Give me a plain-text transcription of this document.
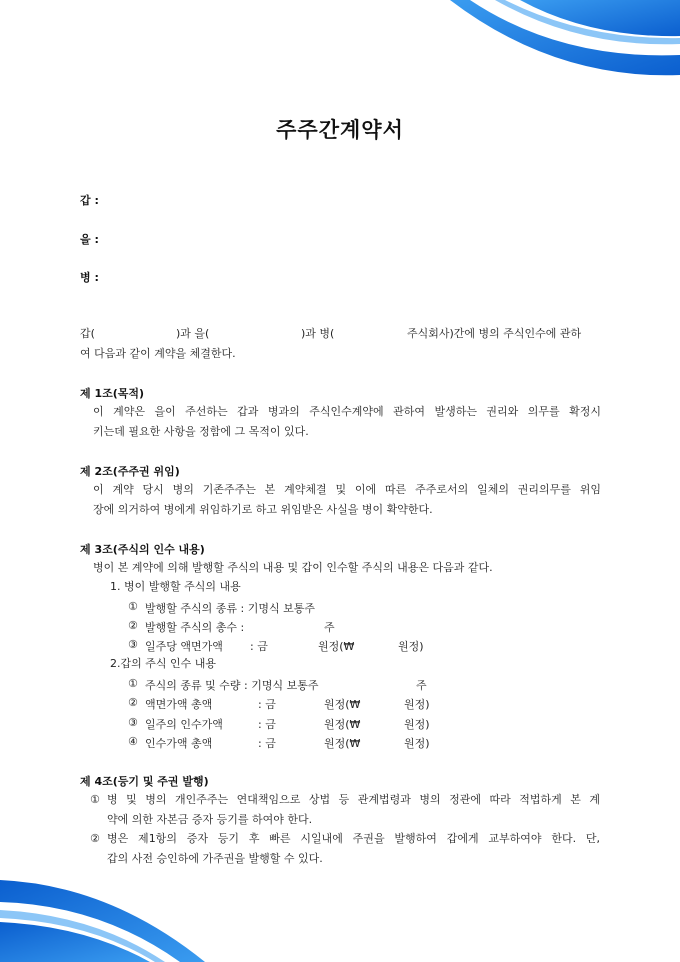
주주간계약서
갑 :
을 :
병 :
갑(	)과 을(	)과 병(	주식회사)간에 병의 주식인수에 관하
여 다음과 같이 계약을 체결한다.
제 1조(목적)
이 계약은 을이 주선하는 갑과 병과의 주식인수계약에 관하여 발생하는 권리와 의무를 확정시
키는데 필요한 사항을 정함에 그 목적이 있다.
제 2조(주주권 위임)
이 계약 당시 병의 기존주주는 본 계약체결 및 이에 따른 주주로서의 일체의 권리의무를 위임
장에 의거하여 병에게 위임하기로 하고 위임받은 사실을 병이 확약한다.
제 3조(주식의 인수 내용)
병이 본 계약에 의해 발행할 주식의 내용 및 갑이 인수할 주식의 내용은 다음과 같다.
1. 병이 발행할 주식의 내용
① 발행할 주식의 종류 : 기명식 보통주
② 발행할 주식의 총수 :	주
③ 일주당 액면가액 : 금	원정(₩	원정)
2.갑의 주식 인수 내용
① 주식의 종류 및 수량 : 기명식 보통주	주
② 액면가액 총액	: 금	원정(₩	원정)
③ 일주의 인수가액	: 금	원정(₩	원정)
④ 인수가액 총액	: 금	원정(₩	원정)
제 4조(등기 및 주권 발행)
① 병 및 병의 개인주주는 연대책임으로 상법 등 관계법령과 병의 정관에 따라 적법하게 본 계
약에 의한 자본금 증자 등기를 하여야 한다.
② 병은 제1항의 증자 등기 후 빠른 시일내에 주권을 발행하여 갑에게 교부하여야 한다. 단,
갑의 사전 승인하에 가주권을 발행할 수 있다.
